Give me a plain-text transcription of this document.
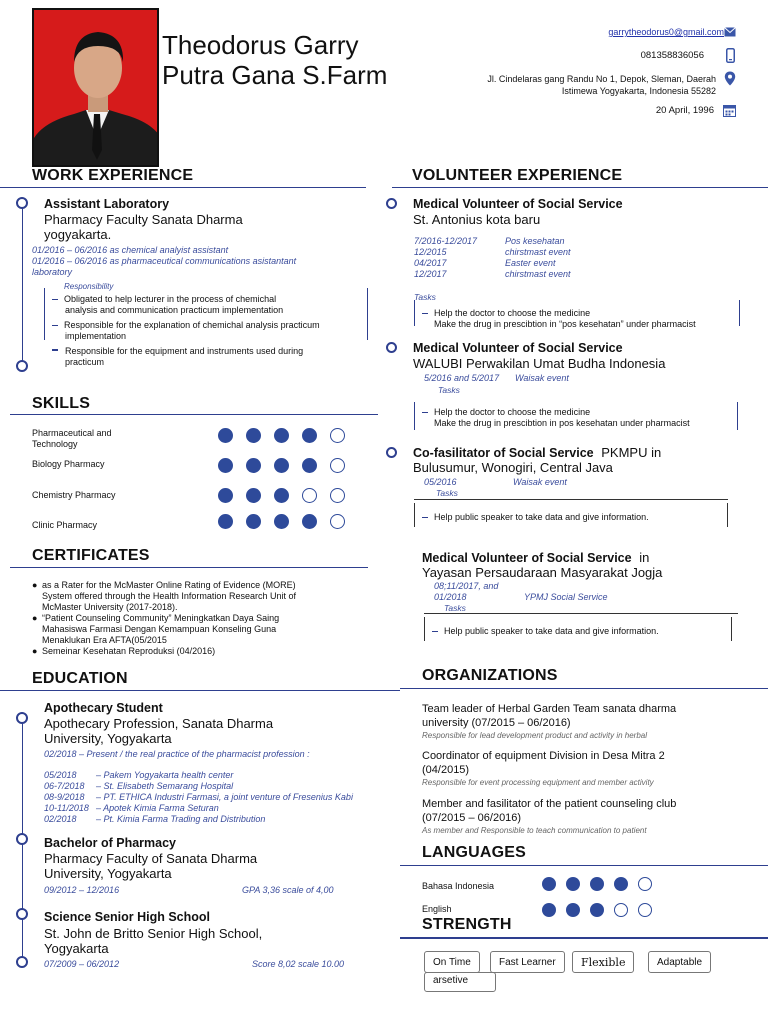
Theodorus Garry
Putra Gana S.Farm
garrytheodorus0@gmail.com
081358836056
Jl. Cindelaras gang Randu No 1, Depok, Sleman, Daerah
Istimewa Yogyakarta, Indonesia 55282
20 April, 1996
WORK EXPERIENCE
Assistant Laboratory
Pharmacy Faculty Sanata Dharma
yogyakarta.
01/2016 – 06/2016 as chemical analyist assistant
01/2016 – 06/2016 as pharmaceutical communications asistantant
laboratory
Responsibility
Obligated to help lecturer in the process of chemichal
analysis and communication practicum implementation
Responsible for the explanation of chemichal analysis practicum
implementation
Responsible for the equipment and instruments used during
practicum
SKILLS
Pharmaceutical and
Technology
Biology Pharmacy
Chemistry Pharmacy
Clinic Pharmacy
CERTIFICATES
● as a Rater for the McMaster Online Rating of Evidence (MORE)
System offered through the Health Information Research Unit of
McMaster University (2017-2018).
● “Patient Counseling Community” Meningkatkan Daya Saing
Mahasiswa Farmasi Dengan Kemampuan Konseling Guna
Menaklukan Era AFTA(05/2015
● Semeinar Kesehatan Reproduksi (04/2016)
EDUCATION
Apothecary Student
Apothecary Profession, Sanata Dharma
University, Yogyakarta
02/2018 – Present / the real practice of the pharmacist profession :
05/2018	– Pakem Yogyakarta health center
06-7/2018	– St. Elisabeth Semarang Hospital
08-9/2018	– PT. ETHICA Industri Farmasi, a joint venture of Fresenius Kabi
10-11/2018 – Apotek Kimia Farma Seturan
02/2018	– Pt. Kimia Farma Trading and Distribution
Bachelor of Pharmacy
Pharmacy Faculty of Sanata Dharma
University, Yogyakarta
09/2012 – 12/2016	GPA 3,36 scale of 4,00
Science Senior High School
St. John de Britto Senior High School,
Yogyakarta
07/2009 – 06/2012	Score 8,02 scale 10.00
VOLUNTEER EXPERIENCE
Medical Volunteer of Social Service
St. Antonius kota baru
7/2016-12/2017	Pos kesehatan
12/2015	chirstmast event
04/2017	Easter event
12/2017	chirstmast event
Tasks
Help the doctor to choose the medicine
Make the drug in prescibtion in “pos kesehatan” under pharmacist
Medical Volunteer of Social Service
WALUBI Perwakilan Umat Budha Indonesia
5/2016 and 5/2017 Waisak event
Tasks
Help the doctor to choose the medicine
Make the drug in prescibtion in pos kesehatan under pharmacist
Co-fasilitator of Social Service PKMPU in
Bulusumur, Wonogiri, Central Java
05/2016	Waisak event
Tasks
Help public speaker to take data and give information.
Medical Volunteer of Social Service in
Yayasan Persaudaraan Masyarakat Jogja
08;11/2017, and
01/2018	YPMJ Social Service
Tasks
Help public speaker to take data and give information.
ORGANIZATIONS
Team leader of Herbal Garden Team sanata dharma
university (07/2015 – 06/2016)
Responsible for lead development product and activity in herbal
Coordinator of equipment Division in Desa Mitra 2
(04/2015)
Responsible for event processing equipment and member activity
Member and fasilitator of the patient counseling club
(07/2015 – 06/2016)
As member and Responsible to teach communication to patient
LANGUAGES
Bahasa Indonesia
English
STRENGTH
On Time	Fast Learner	Flexible	Adaptable
arsetive
